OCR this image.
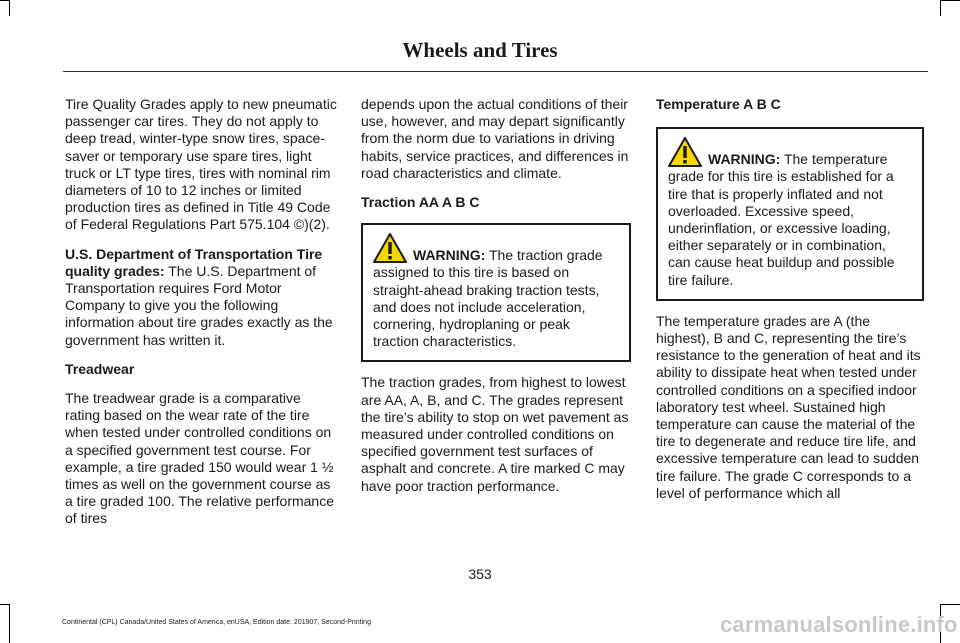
Wheels and Tires

Tire Quality Grades apply to new pneumatic passenger car tires. They do not apply to deep tread, winter-type snow tires, space-saver or temporary use spare tires, light truck or LT type tires, tires with nominal rim diameters of 10 to 12 inches or limited production tires as defined in Title 49 Code of Federal Regulations Part 575.104 ©)(2).

U.S. Department of Transportation Tire quality grades: The U.S. Department of Transportation requires Ford Motor Company to give you the following information about tire grades exactly as the government has written it.

Treadwear

The treadwear grade is a comparative rating based on the wear rate of the tire when tested under controlled conditions on a specified government test course. For example, a tire graded 150 would wear 1 ½ times as well on the government course as a tire graded 100. The relative performance of tires

depends upon the actual conditions of their use, however, and may depart significantly from the norm due to variations in driving habits, service practices, and differences in road characteristics and climate.

Traction AA A B C

WARNING: The traction grade assigned to this tire is based on straight-ahead braking traction tests, and does not include acceleration, cornering, hydroplaning or peak traction characteristics.

The traction grades, from highest to lowest are AA, A, B, and C. The grades represent the tire’s ability to stop on wet pavement as measured under controlled conditions on specified government test surfaces of asphalt and concrete. A tire marked C may have poor traction performance.

Temperature A B C

WARNING: The temperature grade for this tire is established for a tire that is properly inflated and not overloaded. Excessive speed, underinflation, or excessive loading, either separately or in combination, can cause heat buildup and possible tire failure.

The temperature grades are A (the highest), B and C, representing the tire’s resistance to the generation of heat and its ability to dissipate heat when tested under controlled conditions on a specified indoor laboratory test wheel. Sustained high temperature can cause the material of the tire to degenerate and reduce tire life, and excessive temperature can lead to sudden tire failure. The grade C corresponds to a level of performance which all

353
Continental (CPL) Canada/United States of America, enUSA, Edition date: 201907, Second-Printing	carmanualsonline.info
